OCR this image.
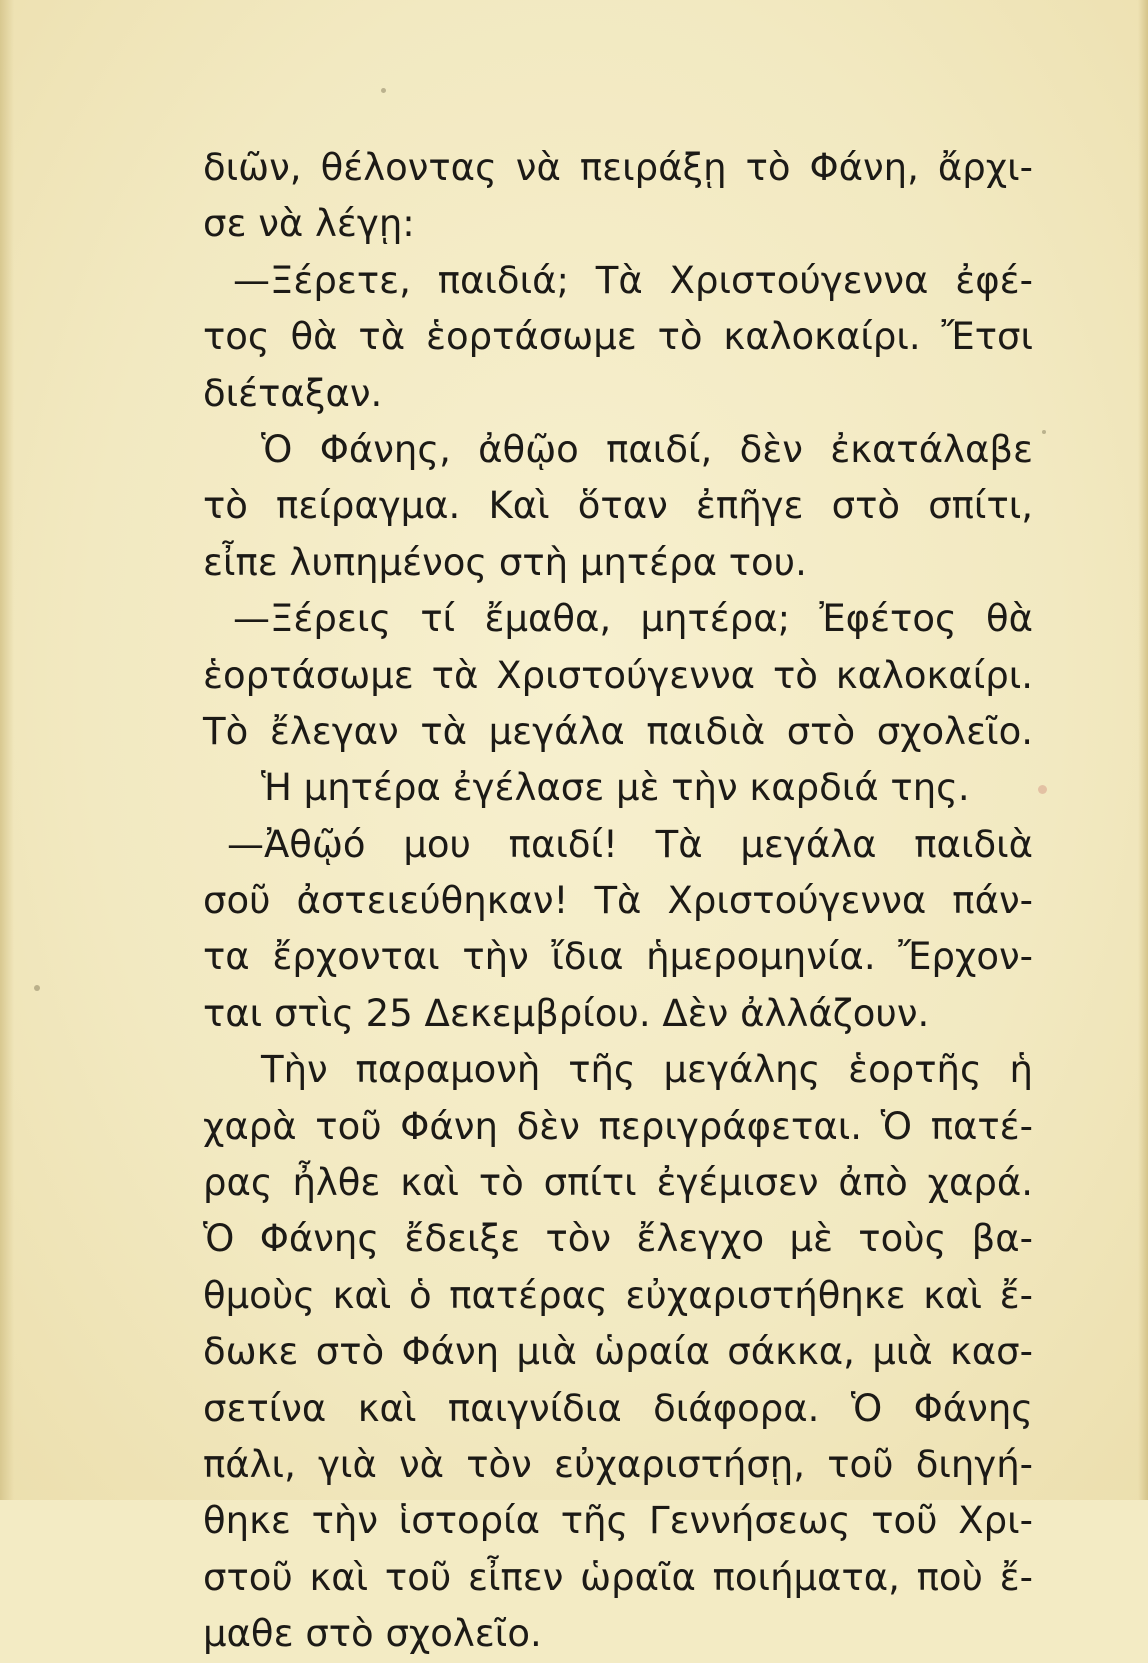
διῶν, θέλοντας νὰ πειράξῃ τὸ Φάνη, ἄρχι-
σε νὰ λέγῃ:
—Ξέρετε, παιδιά; Τὰ Χριστούγεννα ἐφέ-
τος θὰ τὰ ἑορτάσωμε τὸ καλοκαίρι. Ἔτσι
διέταξαν.
Ὁ Φάνης, ἀθῷο παιδί, δὲν ἐκατάλαβε
τὸ πείραγμα. Καὶ ὅταν ἐπῆγε στὸ σπίτι,
εἶπε λυπημένος στὴ μητέρα του.
—Ξέρεις τί ἔμαθα, μητέρα; Ἐφέτος θὰ
ἑορτάσωμε τὰ Χριστούγεννα τὸ καλοκαίρι.
Τὸ ἔλεγαν τὰ μεγάλα παιδιὰ στὸ σχολεῖο.
Ἡ μητέρα ἐγέλασε μὲ τὴν καρδιά της.
—Ἀθῷό μου παιδί! Τὰ μεγάλα παιδιὰ
σοῦ ἀστειεύθηκαν! Τὰ Χριστούγεννα πάν-
τα ἔρχονται τὴν ἴδια ἡμερομηνία. Ἔρχον-
ται στὶς 25 Δεκεμβρίου. Δὲν ἀλλάζουν.
Τὴν παραμονὴ τῆς μεγάλης ἑορτῆς ἡ
χαρὰ τοῦ Φάνη δὲν περιγράφεται. Ὁ πατέ-
ρας ἦλθε καὶ τὸ σπίτι ἐγέμισεν ἀπὸ χαρά.
Ὁ Φάνης ἔδειξε τὸν ἔλεγχο μὲ τοὺς βα-
θμοὺς καὶ ὁ πατέρας εὐχαριστήθηκε καὶ ἔ-
δωκε στὸ Φάνη μιὰ ὡραία σάκκα, μιὰ κασ-
σετίνα καὶ παιγνίδια διάφορα. Ὁ Φάνης
πάλι, γιὰ νὰ τὸν εὐχαριστήσῃ, τοῦ διηγή-
θηκε τὴν ἱστορία τῆς Γεννήσεως τοῦ Χρι-
στοῦ καὶ τοῦ εἶπεν ὡραῖα ποιήματα, ποὺ ἔ-
μαθε στὸ σχολεῖο.
